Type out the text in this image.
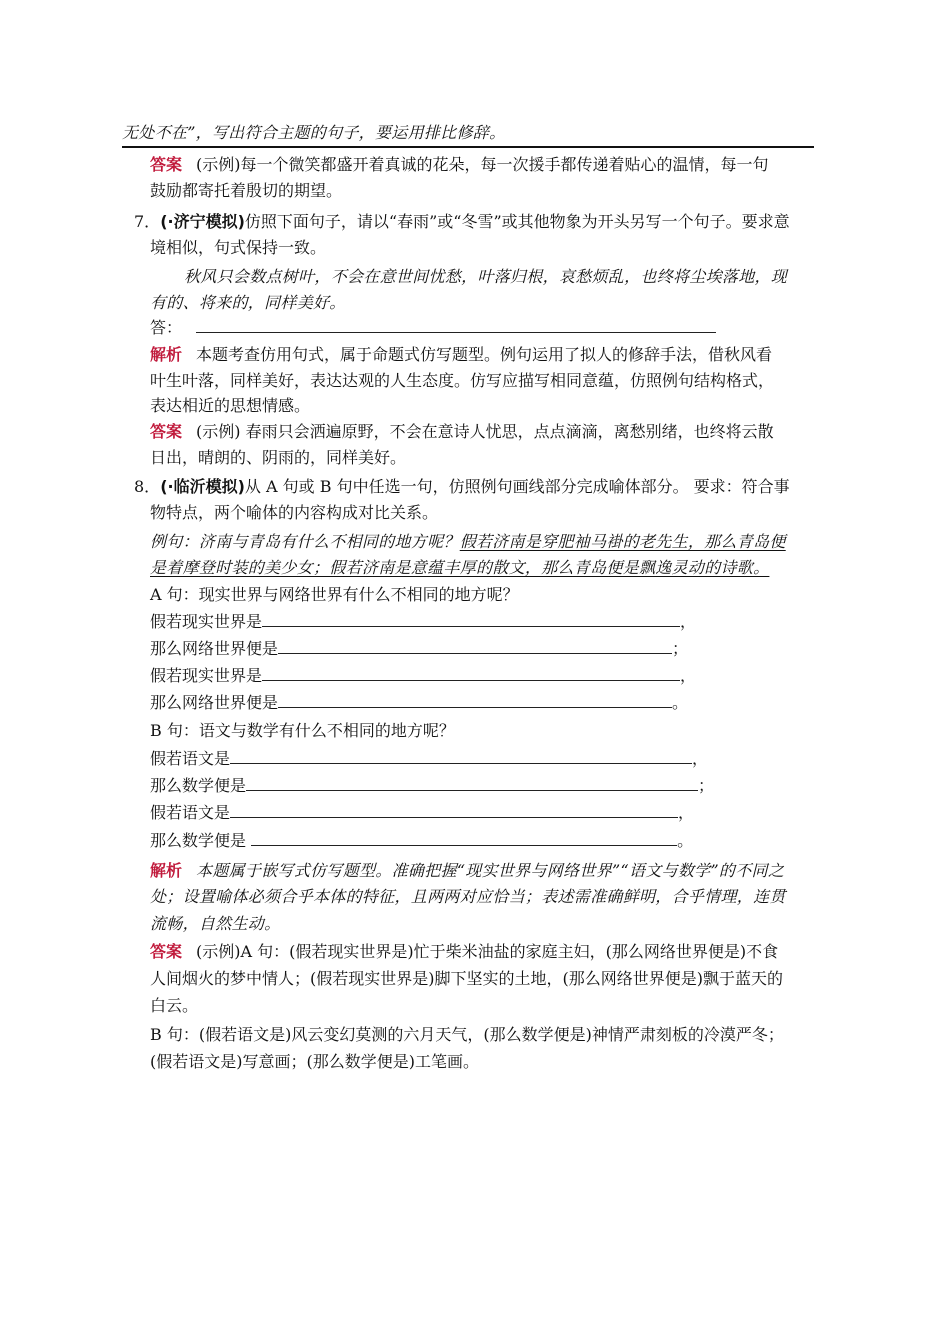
无处不在”，写出符合主题的句子，要运用排比修辞。
答案 (示例)每一个微笑都盛开着真诚的花朵，每一次援手都传递着贴心的温情，每一句
鼓励都寄托着殷切的期望。
7．(·济宁模拟)仿照下面句子，请以“春雨”或“冬雪”或其他物象为开头另写一个句子。要求意
境相似，句式保持一致。
秋风只会数点树叶，不会在意世间忧愁，叶落归根，哀愁烦乱，也终将尘埃落地，现
有的、将来的，同样美好。
答：
解析 本题考查仿用句式，属于命题式仿写题型。例句运用了拟人的修辞手法，借秋风看
叶生叶落，同样美好，表达达观的人生态度。仿写应描写相同意蕴，仿照例句结构格式，
表达相近的思想情感。
答案 (示例) 春雨只会洒遍原野，不会在意诗人忧思，点点滴滴，离愁别绪，也终将云散
日出，晴朗的、阴雨的，同样美好。
8．(·临沂模拟)从 A 句或 B 句中任选一句，仿照例句画线部分完成喻体部分。 要求：符合事
物特点，两个喻体的内容构成对比关系。
例句：济南与青岛有什么不相同的地方呢？假若济南是穿肥袖马褂的老先生，那么青岛便
是着摩登时装的美少女；假若济南是意蕴丰厚的散文，那么青岛便是飘逸灵动的诗歌。
A 句：现实世界与网络世界有什么不相同的地方呢？
假若现实世界是	，
那么网络世界便是	；
假若现实世界是	，
那么网络世界便是	。
B 句：语文与数学有什么不相同的地方呢？
假若语文是	，
那么数学便是	；
假若语文是	，
那么数学便是	。
解析 本题属于嵌写式仿写题型。准确把握“现实世界与网络世界”“语文与数学”的不同之
处；设置喻体必须合乎本体的特征，且两两对应恰当；表述需准确鲜明，合乎情理，连贯
流畅，自然生动。
答案 (示例)A 句：(假若现实世界是)忙于柴米油盐的家庭主妇，(那么网络世界便是)不食
人间烟火的梦中情人；(假若现实世界是)脚下坚实的土地，(那么网络世界便是)飘于蓝天的
白云。
B 句：(假若语文是)风云变幻莫测的六月天气，(那么数学便是)神情严肃刻板的冷漠严冬；
(假若语文是)写意画；(那么数学便是)工笔画。
